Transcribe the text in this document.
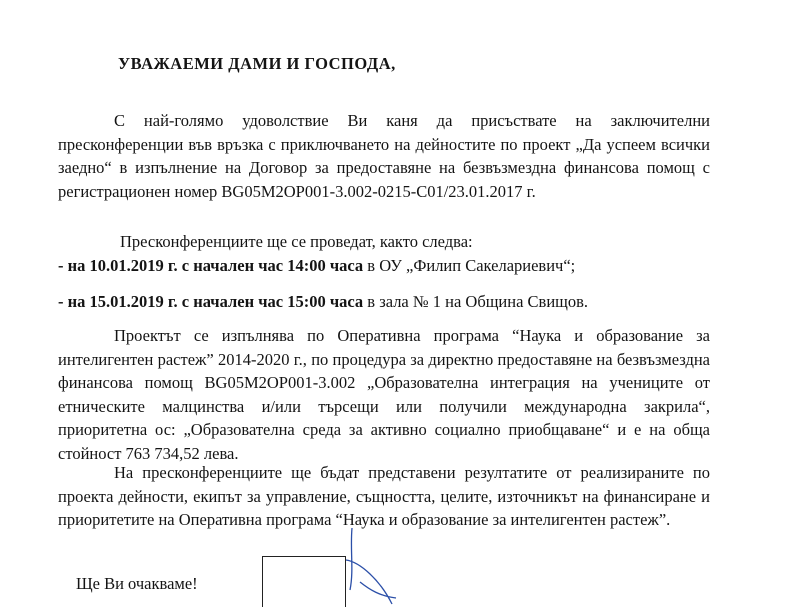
УВАЖАЕМИ ДАМИ И ГОСПОДА,

С най-голямо удоволствие Ви каня да присъствате на заключителни пресконференции във връзка с приключването на дейностите по проект „Да успеем всички заедно“ в изпълнение на Договор за предоставяне на безвъзмездна финансова помощ с регистрационен номер BG05M2OP001-3.002-0215-C01/23.01.2017 г.

Пресконференциите ще се проведат, както следва:

- на 10.01.2019 г. с начален час 14:00 часа в ОУ „Филип Сакелариевич“;

- на 15.01.2019 г. с начален час 15:00 часа в зала № 1 на Община Свищов.

Проектът се изпълнява по Оперативна програма “Наука и образование за интелигентен растеж” 2014-2020 г., по процедура за директно предоставяне на безвъзмездна финансова помощ BG05M2OP001-3.002 „Образователна интеграция на учениците от етническите малцинства и/или търсещи или получили международна закрила“, приоритетна ос: „Образователна среда за активно социално приобщаване“ и е на обща стойност 763 734,52 лева.

На пресконференциите ще бъдат представени резултатите от реализираните по проекта дейности, екипът за управление, същността, целите, източникът на финансиране и приоритетите на Оперативна програма “Наука и образование за интелигентен растеж”.

Ще Ви очакваме!
